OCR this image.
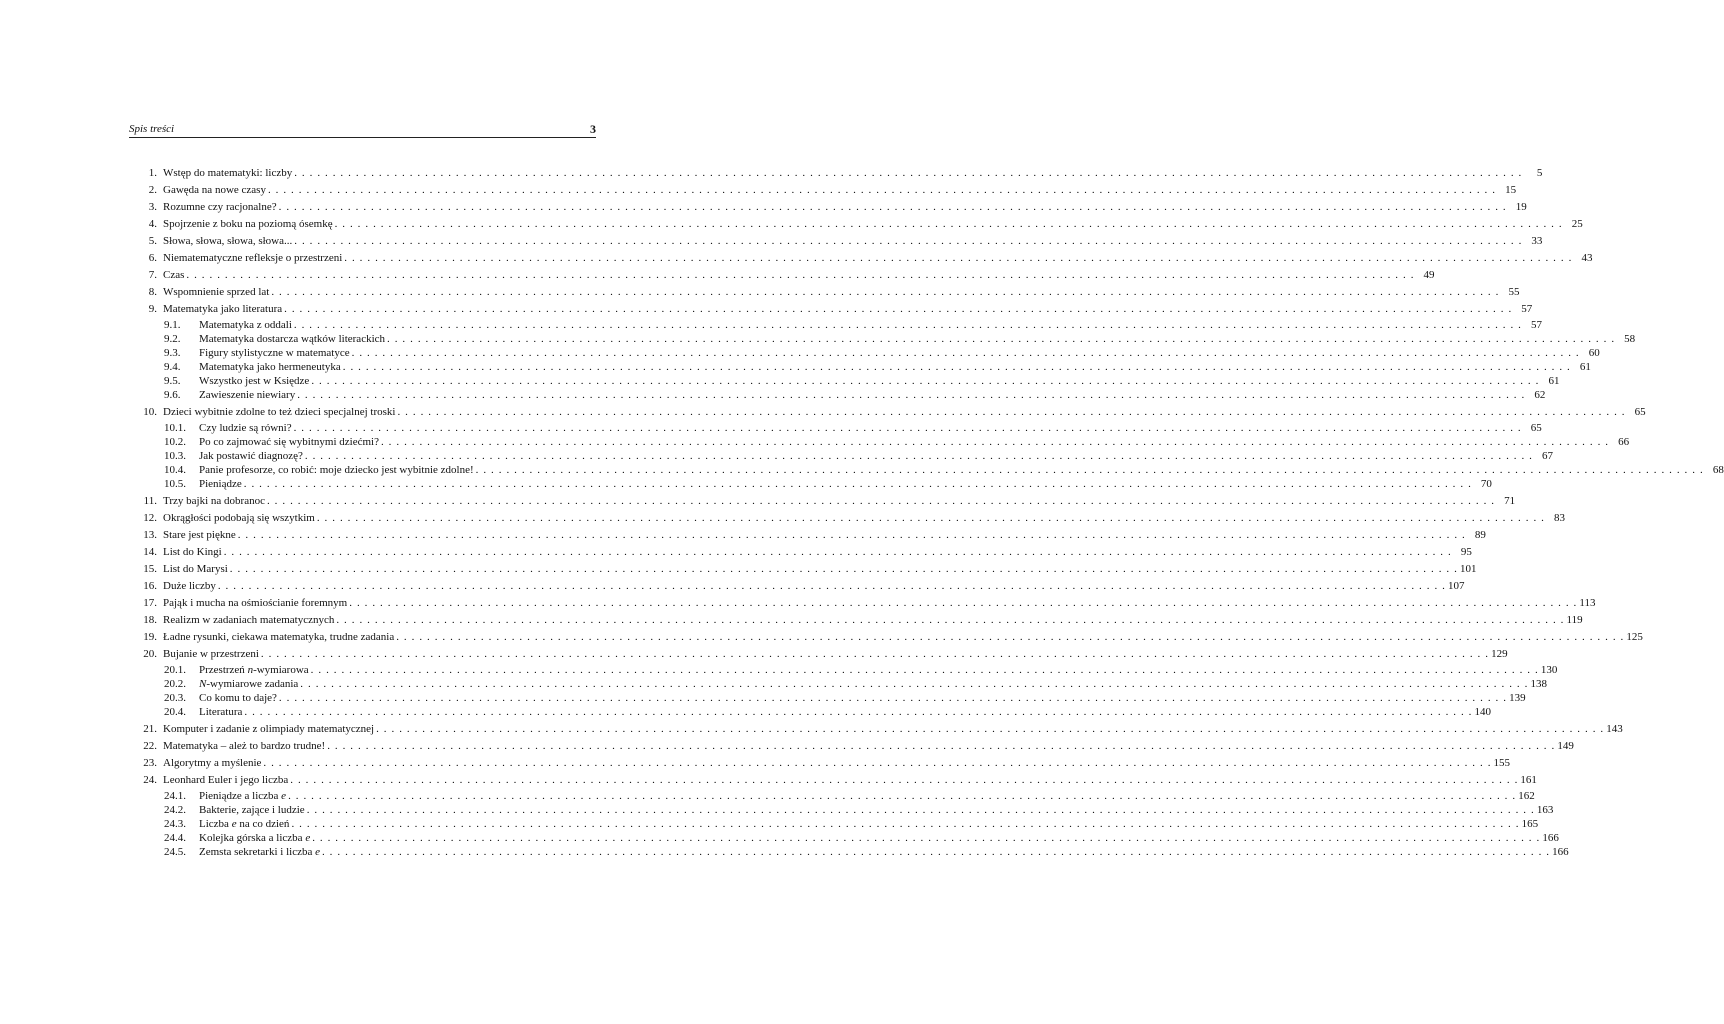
Spis treści	3
1. Wstęp do matematyki: liczby . . . . . . . . . . . . . . . . . . . . . . . . . . . . . . . . . . . . . . . . . . . . . . . . . . . . . . . . . . . . . . . . . . . . . . . . . . . . . . . . . . . . . . . . . . . . . . . . . . . . . . . . . . . . . . . . . . . . . . . . . . . . . . . . . . . . . . . . . . . . . . . . . . . . . . . . . . . . . . . .	5
2. Gawęda na nowe czasy . . . . . . . . . . . . . . . . . . . . . . . . . . . . . . . . . . . . . . . . . . . . . . . . . . . . . . . . . . . . . . . . . . . . . . . . . . . . . . . . . . . . . . . . . . . . . . . . . . . . . . . . . . . . . . . . . . . . . . . . . . . . . . . . . . . . . . . . . . . . . . . . . . . . . . . . . . . . . . . . 15
3. Rozumne czy racjonalne? . . . . . . . . . . . . . . . . . . . . . . . . . . . . . . . . . . . . . . . . . . . . . . . . . . . . . . . . . . . . . . . . . . . . . . . . . . . . . . . . . . . . . . . . . . . . . . . . . . . . . . . . . . . . . . . . . . . . . . . . . . . . . . . . . . . . . . . . . . . . . . . . . . . . . . . . . . . . . . . . 19
4. Spojrzenie z boku na poziomą ósemkę . . . . . . . . . . . . . . . . . . . . . . . . . . . . . . . . . . . . . . . . . . . . . . . . . . . . . . . . . . . . . . . . . . . . . . . . . . . . . . . . . . . . . . . . . . . . . . . . . . . . . . . . . . . . . . . . . . . . . . . . . . . . . . . . . . . . . . . . . . . . . . . . . . . . . . . . . . . . . . . . 25
5. Słowa, słowa, słowa, słowa... . . . . . . . . . . . . . . . . . . . . . . . . . . . . . . . . . . . . . . . . . . . . . . . . . . . . . . . . . . . . . . . . . . . . . . . . . . . . . . . . . . . . . . . . . . . . . . . . . . . . . . . . . . . . . . . . . . . . . . . . . . . . . . . . . . . . . . . . . . . . . . . . . . . . . . . . . . . . . . . . 33
6. Niematematyczne refleksje o przestrzeni . . . . . . . . . . . . . . . . . . . . . . . . . . . . . . . . . . . . . . . . . . . . . . . . . . . . . . . . . . . . . . . . . . . . . . . . . . . . . . . . . . . . . . . . . . . . . . . . . . . . . . . . . . . . . . . . . . . . . . . . . . . . . . . . . . . . . . . . . . . . . . . . . . . . . . . . . . . . . . . . 43
7. Czas . . . . . . . . . . . . . . . . . . . . . . . . . . . . . . . . . . . . . . . . . . . . . . . . . . . . . . . . . . . . . . . . . . . . . . . . . . . . . . . . . . . . . . . . . . . . . . . . . . . . . . . . . . . . . . . . . . . . . . . . . . . . . . . . . . . . . . . . . . . . . . . . . . . . . . . . . . . . . . . . 49
8. Wspomnienie sprzed lat . . . . . . . . . . . . . . . . . . . . . . . . . . . . . . . . . . . . . . . . . . . . . . . . . . . . . . . . . . . . . . . . . . . . . . . . . . . . . . . . . . . . . . . . . . . . . . . . . . . . . . . . . . . . . . . . . . . . . . . . . . . . . . . . . . . . . . . . . . . . . . . . . . . . . . . . . . . . . . . . 55
9. Matematyka jako literatura . . . . . . . . . . . . . . . . . . . . . . . . . . . . . . . . . . . . . . . . . . . . . . . . . . . . . . . . . . . . . . . . . . . . . . . . . . . . . . . . . . . . . . . . . . . . . . . . . . . . . . . . . . . . . . . . . . . . . . . . . . . . . . . . . . . . . . . . . . . . . . . . . . . . . . . . . . . . . . . . 57
9.1.	Matematyka z oddali . . . . . . . . . . . . . . . . . . . . . . . . . . . . . . . . . . . . . . . . . . . . . . . . . . . . . . . . . . . . . . . . . . . . . . . . . . . . . . . . . . . . . . . . . . . . . . . . . . . . . . . . . . . . . . . . . . . . . . . . . . . . . . . . . . . . . . . . . . . . . . . . . . . . . . . . . . . . . . . . 57
9.2.	Matematyka dostarcza wątków literackich . . . . . . . . . . . . . . . . . . . . . . . . . . . . . . . . . . . . . . . . . . . . . . . . . . . . . . . . . . . . . . . . . . . . . . . . . . . . . . . . . . . . . . . . . . . . . . . . . . . . . . . . . . . . . . . . . . . . . . . . . . . . . . . . . . . . . . . . . . . . . . . . . . . . . . . . . . . . . . . . 58
9.3.	Figury stylistyczne w matematyce . . . . . . . . . . . . . . . . . . . . . . . . . . . . . . . . . . . . . . . . . . . . . . . . . . . . . . . . . . . . . . . . . . . . . . . . . . . . . . . . . . . . . . . . . . . . . . . . . . . . . . . . . . . . . . . . . . . . . . . . . . . . . . . . . . . . . . . . . . . . . . . . . . . . . . . . . . . . . . . . 60
9.4.	Matematyka jako hermeneutyka . . . . . . . . . . . . . . . . . . . . . . . . . . . . . . . . . . . . . . . . . . . . . . . . . . . . . . . . . . . . . . . . . . . . . . . . . . . . . . . . . . . . . . . . . . . . . . . . . . . . . . . . . . . . . . . . . . . . . . . . . . . . . . . . . . . . . . . . . . . . . . . . . . . . . . . . . . . . . . . . 61
9.5.	Wszystko jest w Księdze . . . . . . . . . . . . . . . . . . . . . . . . . . . . . . . . . . . . . . . . . . . . . . . . . . . . . . . . . . . . . . . . . . . . . . . . . . . . . . . . . . . . . . . . . . . . . . . . . . . . . . . . . . . . . . . . . . . . . . . . . . . . . . . . . . . . . . . . . . . . . . . . . . . . . . . . . . . . . . . . 61
9.6.	Zawieszenie niewiary . . . . . . . . . . . . . . . . . . . . . . . . . . . . . . . . . . . . . . . . . . . . . . . . . . . . . . . . . . . . . . . . . . . . . . . . . . . . . . . . . . . . . . . . . . . . . . . . . . . . . . . . . . . . . . . . . . . . . . . . . . . . . . . . . . . . . . . . . . . . . . . . . . . . . . . . . . . . . . . . 62
10. Dzieci wybitnie zdolne to też dzieci specjalnej troski . . . . . . . . . . . . . . . . . . . . . . . . . . . . . . . . . . . . . . . . . . . . . . . . . . . . . . . . . . . . . . . . . . . . . . . . . . . . . . . . . . . . . . . . . . . . . . . . . . . . . . . . . . . . . . . . . . . . . . . . . . . . . . . . . . . . . . . . . . . . . . . . . . . . . . . . . . . . . . . . 65
10.1.	Czy ludzie są równi? . . . . . . . . . . . . . . . . . . . . . . . . . . . . . . . . . . . . . . . . . . . . . . . . . . . . . . . . . . . . . . . . . . . . . . . . . . . . . . . . . . . . . . . . . . . . . . . . . . . . . . . . . . . . . . . . . . . . . . . . . . . . . . . . . . . . . . . . . . . . . . . . . . . . . . . . . . . . . . . . 65
10.2.	Po co zajmować się wybitnymi dziećmi? . . . . . . . . . . . . . . . . . . . . . . . . . . . . . . . . . . . . . . . . . . . . . . . . . . . . . . . . . . . . . . . . . . . . . . . . . . . . . . . . . . . . . . . . . . . . . . . . . . . . . . . . . . . . . . . . . . . . . . . . . . . . . . . . . . . . . . . . . . . . . . . . . . . . . . . . . . . . . . . . 66
10.3.	Jak postawić diagnozę? . . . . . . . . . . . . . . . . . . . . . . . . . . . . . . . . . . . . . . . . . . . . . . . . . . . . . . . . . . . . . . . . . . . . . . . . . . . . . . . . . . . . . . . . . . . . . . . . . . . . . . . . . . . . . . . . . . . . . . . . . . . . . . . . . . . . . . . . . . . . . . . . . . . . . . . . . . . . . . . . 67
10.4.	Panie profesorze, co robić: moje dziecko jest wybitnie zdolne! . . . . . . . . . . . . . . . . . . . . . . . . . . . . . . . . . . . . . . . . . . . . . . . . . . . . . . . . . . . . . . . . . . . . . . . . . . . . . . . . . . . . . . . . . . . . . . . . . . . . . . . . . . . . . . . . . . . . . . . . . . . . . . . . . . . . . . . . . . . . . . . . . . . . . . . . . . . . . . . . 68
10.5.	Pieniądze . . . . . . . . . . . . . . . . . . . . . . . . . . . . . . . . . . . . . . . . . . . . . . . . . . . . . . . . . . . . . . . . . . . . . . . . . . . . . . . . . . . . . . . . . . . . . . . . . . . . . . . . . . . . . . . . . . . . . . . . . . . . . . . . . . . . . . . . . . . . . . . . . . . . . . . . . . . . . . . . 70
11. Trzy bajki na dobranoc . . . . . . . . . . . . . . . . . . . . . . . . . . . . . . . . . . . . . . . . . . . . . . . . . . . . . . . . . . . . . . . . . . . . . . . . . . . . . . . . . . . . . . . . . . . . . . . . . . . . . . . . . . . . . . . . . . . . . . . . . . . . . . . . . . . . . . . . . . . . . . . . . . . . . . . . . . . . . . . . 71
12. Okrągłości podobają się wszytkim . . . . . . . . . . . . . . . . . . . . . . . . . . . . . . . . . . . . . . . . . . . . . . . . . . . . . . . . . . . . . . . . . . . . . . . . . . . . . . . . . . . . . . . . . . . . . . . . . . . . . . . . . . . . . . . . . . . . . . . . . . . . . . . . . . . . . . . . . . . . . . . . . . . . . . . . . . . . . . . . 83
13. Stare jest piękne . . . . . . . . . . . . . . . . . . . . . . . . . . . . . . . . . . . . . . . . . . . . . . . . . . . . . . . . . . . . . . . . . . . . . . . . . . . . . . . . . . . . . . . . . . . . . . . . . . . . . . . . . . . . . . . . . . . . . . . . . . . . . . . . . . . . . . . . . . . . . . . . . . . . . . . . . . . . . . . . 89
14. List do Kingi . . . . . . . . . . . . . . . . . . . . . . . . . . . . . . . . . . . . . . . . . . . . . . . . . . . . . . . . . . . . . . . . . . . . . . . . . . . . . . . . . . . . . . . . . . . . . . . . . . . . . . . . . . . . . . . . . . . . . . . . . . . . . . . . . . . . . . . . . . . . . . . . . . . . . . . . . . . . . . . . 95
15. List do Marysi . . . . . . . . . . . . . . . . . . . . . . . . . . . . . . . . . . . . . . . . . . . . . . . . . . . . . . . . . . . . . . . . . . . . . . . . . . . . . . . . . . . . . . . . . . . . . . . . . . . . . . . . . . . . . . . . . . . . . . . . . . . . . . . . . . . . . . . . . . . . . . . . . . . . . . . . . . . . . . . . 101
16. Duże liczby . . . . . . . . . . . . . . . . . . . . . . . . . . . . . . . . . . . . . . . . . . . . . . . . . . . . . . . . . . . . . . . . . . . . . . . . . . . . . . . . . . . . . . . . . . . . . . . . . . . . . . . . . . . . . . . . . . . . . . . . . . . . . . . . . . . . . . . . . . . . . . . . . . . . . . . . . . . . . . . . 107
17. Pająk i mucha na ośmiościanie foremnym . . . . . . . . . . . . . . . . . . . . . . . . . . . . . . . . . . . . . . . . . . . . . . . . . . . . . . . . . . . . . . . . . . . . . . . . . . . . . . . . . . . . . . . . . . . . . . . . . . . . . . . . . . . . . . . . . . . . . . . . . . . . . . . . . . . . . . . . . . . . . . . . . . . . . . . . . . . . . . . . 113
18. Realizm w zadaniach matematycznych . . . . . . . . . . . . . . . . . . . . . . . . . . . . . . . . . . . . . . . . . . . . . . . . . . . . . . . . . . . . . . . . . . . . . . . . . . . . . . . . . . . . . . . . . . . . . . . . . . . . . . . . . . . . . . . . . . . . . . . . . . . . . . . . . . . . . . . . . . . . . . . . . . . . . . . . . . . . . . . . 119
19. Ładne rysunki, ciekawa matematyka, trudne zadania . . . . . . . . . . . . . . . . . . . . . . . . . . . . . . . . . . . . . . . . . . . . . . . . . . . . . . . . . . . . . . . . . . . . . . . . . . . . . . . . . . . . . . . . . . . . . . . . . . . . . . . . . . . . . . . . . . . . . . . . . . . . . . . . . . . . . . . . . . . . . . . . . . . . . . . . . . . . . . . . 125
20. Bujanie w przestrzeni . . . . . . . . . . . . . . . . . . . . . . . . . . . . . . . . . . . . . . . . . . . . . . . . . . . . . . . . . . . . . . . . . . . . . . . . . . . . . . . . . . . . . . . . . . . . . . . . . . . . . . . . . . . . . . . . . . . . . . . . . . . . . . . . . . . . . . . . . . . . . . . . . . . . . . . . . . . . . . . . 129
20.1.	Przestrzeń n-wymiarowa . . . . . . . . . . . . . . . . . . . . . . . . . . . . . . . . . . . . . . . . . . . . . . . . . . . . . . . . . . . . . . . . . . . . . . . . . . . . . . . . . . . . . . . . . . . . . . . . . . . . . . . . . . . . . . . . . . . . . . . . . . . . . . . . . . . . . . . . . . . . . . . . . . . . . . . . . . . . . . . . 130
20.2.	N-wymiarowe zadania . . . . . . . . . . . . . . . . . . . . . . . . . . . . . . . . . . . . . . . . . . . . . . . . . . . . . . . . . . . . . . . . . . . . . . . . . . . . . . . . . . . . . . . . . . . . . . . . . . . . . . . . . . . . . . . . . . . . . . . . . . . . . . . . . . . . . . . . . . . . . . . . . . . . . . . . . . . . . . . . 138
20.3.	Co komu to daje? . . . . . . . . . . . . . . . . . . . . . . . . . . . . . . . . . . . . . . . . . . . . . . . . . . . . . . . . . . . . . . . . . . . . . . . . . . . . . . . . . . . . . . . . . . . . . . . . . . . . . . . . . . . . . . . . . . . . . . . . . . . . . . . . . . . . . . . . . . . . . . . . . . . . . . . . . . . . . . . . 139
20.4.	Literatura . . . . . . . . . . . . . . . . . . . . . . . . . . . . . . . . . . . . . . . . . . . . . . . . . . . . . . . . . . . . . . . . . . . . . . . . . . . . . . . . . . . . . . . . . . . . . . . . . . . . . . . . . . . . . . . . . . . . . . . . . . . . . . . . . . . . . . . . . . . . . . . . . . . . . . . . . . . . . . . . 140
21. Komputer i zadanie z olimpiady matematycznej . . . . . . . . . . . . . . . . . . . . . . . . . . . . . . . . . . . . . . . . . . . . . . . . . . . . . . . . . . . . . . . . . . . . . . . . . . . . . . . . . . . . . . . . . . . . . . . . . . . . . . . . . . . . . . . . . . . . . . . . . . . . . . . . . . . . . . . . . . . . . . . . . . . . . . . . . . . . . . . . 143
22. Matematyka – ależ to bardzo trudne! . . . . . . . . . . . . . . . . . . . . . . . . . . . . . . . . . . . . . . . . . . . . . . . . . . . . . . . . . . . . . . . . . . . . . . . . . . . . . . . . . . . . . . . . . . . . . . . . . . . . . . . . . . . . . . . . . . . . . . . . . . . . . . . . . . . . . . . . . . . . . . . . . . . . . . . . . . . . . . . . 149
23. Algorytmy a myślenie . . . . . . . . . . . . . . . . . . . . . . . . . . . . . . . . . . . . . . . . . . . . . . . . . . . . . . . . . . . . . . . . . . . . . . . . . . . . . . . . . . . . . . . . . . . . . . . . . . . . . . . . . . . . . . . . . . . . . . . . . . . . . . . . . . . . . . . . . . . . . . . . . . . . . . . . . . . . . . . . 155
24. Leonhard Euler i jego liczba . . . . . . . . . . . . . . . . . . . . . . . . . . . . . . . . . . . . . . . . . . . . . . . . . . . . . . . . . . . . . . . . . . . . . . . . . . . . . . . . . . . . . . . . . . . . . . . . . . . . . . . . . . . . . . . . . . . . . . . . . . . . . . . . . . . . . . . . . . . . . . . . . . . . . . . . . . . . . . . . 161
24.1.	Pieniądze a liczba e . . . . . . . . . . . . . . . . . . . . . . . . . . . . . . . . . . . . . . . . . . . . . . . . . . . . . . . . . . . . . . . . . . . . . . . . . . . . . . . . . . . . . . . . . . . . . . . . . . . . . . . . . . . . . . . . . . . . . . . . . . . . . . . . . . . . . . . . . . . . . . . . . . . . . . . . . . . . . . . . 162
24.2.	Bakterie, zające i ludzie . . . . . . . . . . . . . . . . . . . . . . . . . . . . . . . . . . . . . . . . . . . . . . . . . . . . . . . . . . . . . . . . . . . . . . . . . . . . . . . . . . . . . . . . . . . . . . . . . . . . . . . . . . . . . . . . . . . . . . . . . . . . . . . . . . . . . . . . . . . . . . . . . . . . . . . . . . . . . . . . 163
24.3.	Liczba e na co dzień . . . . . . . . . . . . . . . . . . . . . . . . . . . . . . . . . . . . . . . . . . . . . . . . . . . . . . . . . . . . . . . . . . . . . . . . . . . . . . . . . . . . . . . . . . . . . . . . . . . . . . . . . . . . . . . . . . . . . . . . . . . . . . . . . . . . . . . . . . . . . . . . . . . . . . . . . . . . . . . . 165
24.4.	Kolejka górska a liczba e . . . . . . . . . . . . . . . . . . . . . . . . . . . . . . . . . . . . . . . . . . . . . . . . . . . . . . . . . . . . . . . . . . . . . . . . . . . . . . . . . . . . . . . . . . . . . . . . . . . . . . . . . . . . . . . . . . . . . . . . . . . . . . . . . . . . . . . . . . . . . . . . . . . . . . . . . . . . . . . . 166
24.5.	Zemsta sekretarki i liczba e . . . . . . . . . . . . . . . . . . . . . . . . . . . . . . . . . . . . . . . . . . . . . . . . . . . . . . . . . . . . . . . . . . . . . . . . . . . . . . . . . . . . . . . . . . . . . . . . . . . . . . . . . . . . . . . . . . . . . . . . . . . . . . . . . . . . . . . . . . . . . . . . . . . . . . . . . . . . . . . . 166
